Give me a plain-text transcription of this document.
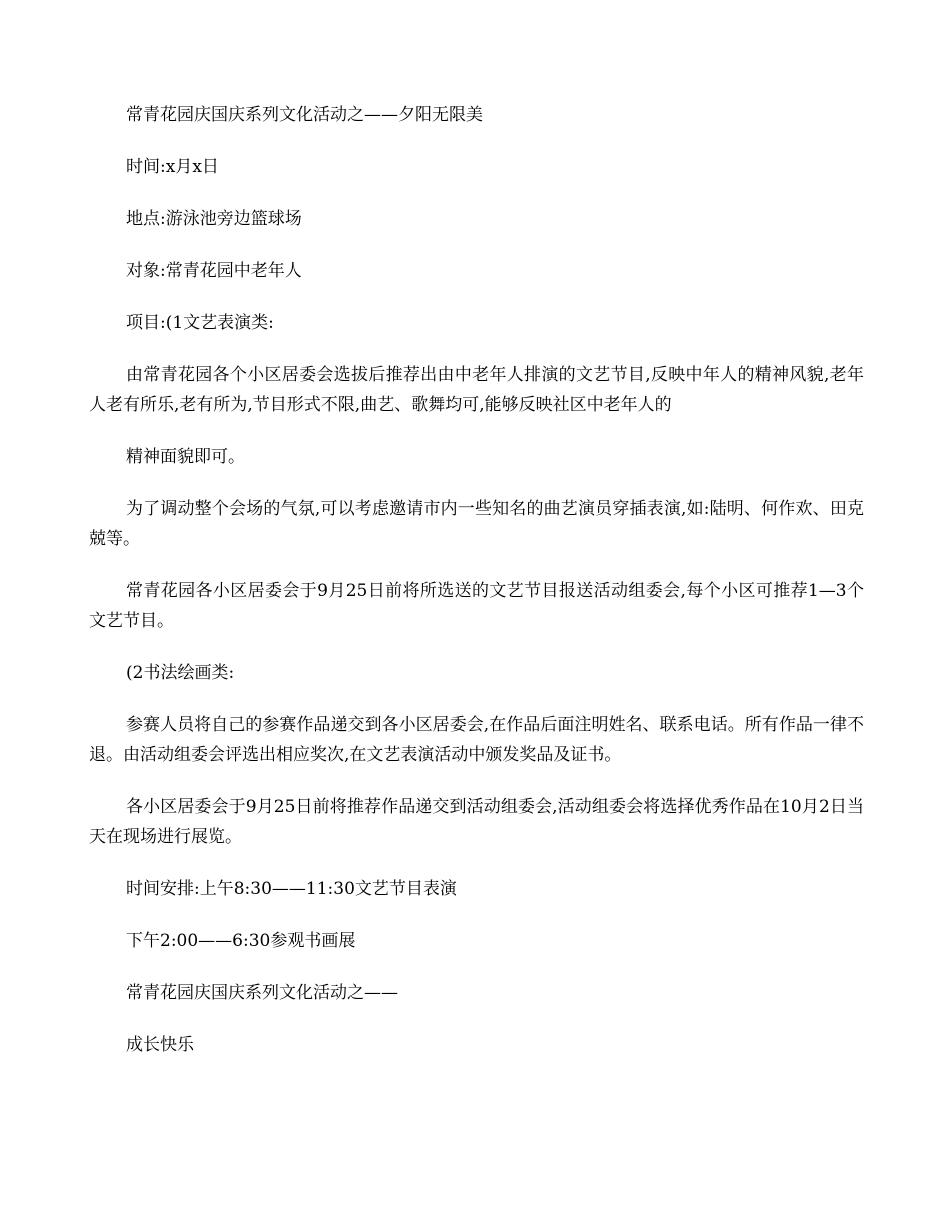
常青花园庆国庆系列文化活动之——夕阳无限美

时间:x月x日

地点:游泳池旁边篮球场

对象:常青花园中老年人

项目:(1文艺表演类:

由常青花园各个小区居委会选拔后推荐出由中老年人排演的文艺节目,反映中年人的精神风貌,老年人老有所乐,老有所为,节目形式不限,曲艺、歌舞均可,能够反映社区中老年人的

精神面貌即可。

为了调动整个会场的气氛,可以考虑邀请市内一些知名的曲艺演员穿插表演,如:陆明、何作欢、田克兢等。

常青花园各小区居委会于9月25日前将所选送的文艺节目报送活动组委会,每个小区可推荐1—3个文艺节目。

(2书法绘画类:

参赛人员将自己的参赛作品递交到各小区居委会,在作品后面注明姓名、联系电话。所有作品一律不退。由活动组委会评选出相应奖次,在文艺表演活动中颁发奖品及证书。

各小区居委会于9月25日前将推荐作品递交到活动组委会,活动组委会将选择优秀作品在10月2日当天在现场进行展览。

时间安排:上午8:30——11:30文艺节目表演

下午2:00——6:30参观书画展

常青花园庆国庆系列文化活动之——

成长快乐
